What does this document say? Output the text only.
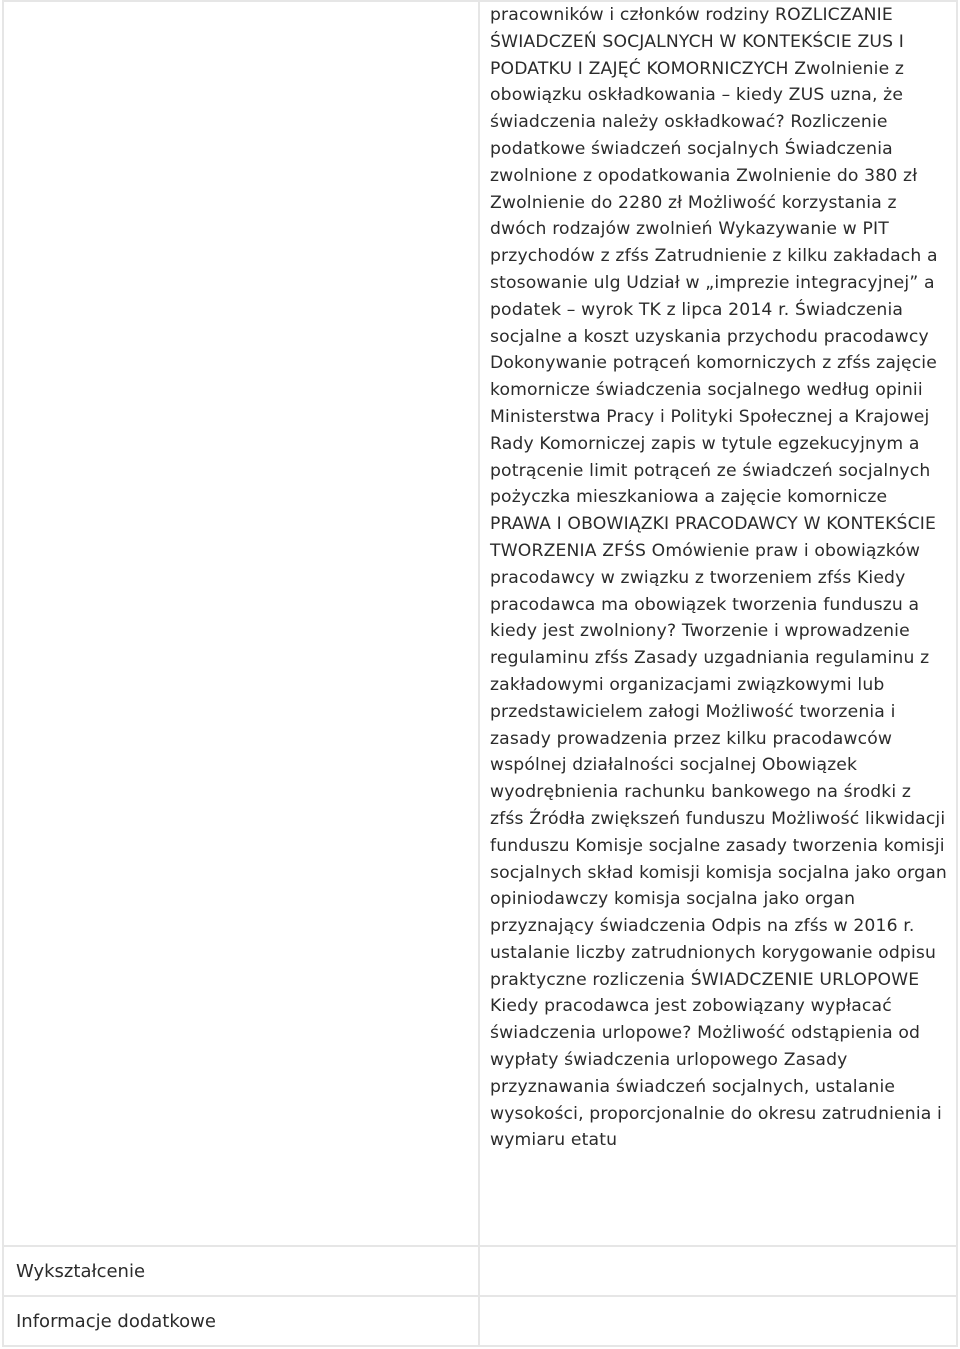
	pracowników i członków rodziny ROZLICZANIE ŚWIADCZEŃ SOCJALNYCH W KONTEKŚCIE ZUS I PODATKU I ZAJĘĆ KOMORNICZYCH Zwolnienie z obowiązku oskładkowania – kiedy ZUS uzna, że świadczenia należy oskładkować? Rozliczenie podatkowe świadczeń socjalnych Świadczenia zwolnione z opodatkowania Zwolnienie do 380 zł Zwolnienie do 2280 zł Możliwość korzystania z dwóch rodzajów zwolnień Wykazywanie w PIT przychodów z zfśs Zatrudnienie z kilku zakładach a stosowanie ulg Udział w „imprezie integracyjnej” a podatek – wyrok TK z lipca 2014 r. Świadczenia socjalne a koszt uzyskania przychodu pracodawcy Dokonywanie potrąceń komorniczych z zfśs zajęcie komornicze świadczenia socjalnego według opinii Ministerstwa Pracy i Polityki Społecznej a Krajowej Rady Komorniczej zapis w tytule egzekucyjnym a potrącenie limit potrąceń ze świadczeń socjalnych pożyczka mieszkaniowa a zajęcie komornicze PRAWA I OBOWIĄZKI PRACODAWCY W KONTEKŚCIE TWORZENIA ZFŚS Omówienie praw i obowiązków pracodawcy w związku z tworzeniem zfśs Kiedy pracodawca ma obowiązek tworzenia funduszu a kiedy jest zwolniony? Tworzenie i wprowadzenie regulaminu zfśs Zasady uzgadniania regulaminu z zakładowymi organizacjami związkowymi lub przedstawicielem załogi Możliwość tworzenia i zasady prowadzenia przez kilku pracodawców wspólnej działalności socjalnej Obowiązek wyodrębnienia rachunku bankowego na środki z zfśs Źródła zwiększeń funduszu Możliwość likwidacji funduszu Komisje socjalne zasady tworzenia komisji socjalnych skład komisji komisja socjalna jako organ opiniodawczy komisja socjalna jako organ przyznający świadczenia Odpis na zfśs w 2016 r. ustalanie liczby zatrudnionych korygowanie odpisu praktyczne rozliczenia ŚWIADCZENIE URLOPOWE Kiedy pracodawca jest zobowiązany wypłacać świadczenia urlopowe? Możliwość odstąpienia od wypłaty świadczenia urlopowego Zasady przyznawania świadczeń socjalnych, ustalanie wysokości, proporcjonalnie do okresu zatrudnienia i wymiaru etatu

Wykształcenie	

Informacje dodatkowe	
